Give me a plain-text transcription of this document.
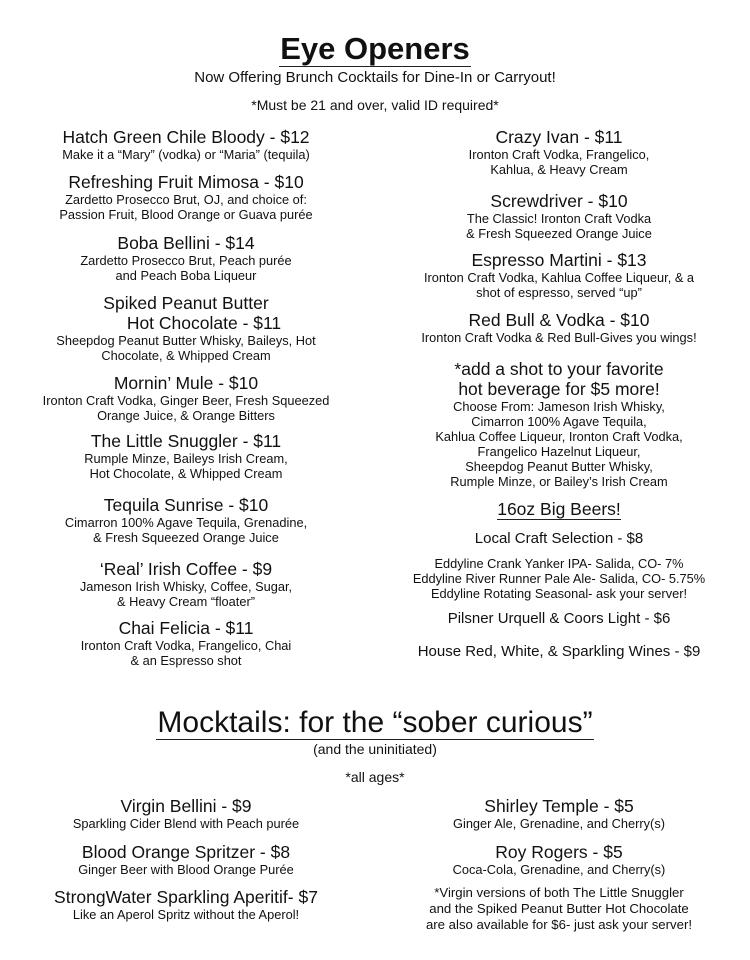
Eye Openers
Now Offering Brunch Cocktails for Dine-In or Carryout!
*Must be 21 and over, valid ID required*
Hatch Green Chile Bloody - $12
Make it a “Mary” (vodka) or “Maria” (tequila)
Refreshing Fruit Mimosa - $10
Zardetto Prosecco Brut, OJ, and choice of:
Passion Fruit, Blood Orange or Guava purée
Boba Bellini - $14
Zardetto Prosecco Brut, Peach purée
and Peach Boba Liqueur
Spiked Peanut Butter
Hot Chocolate - $11
Sheepdog Peanut Butter Whisky, Baileys, Hot
Chocolate, & Whipped Cream
Mornin’ Mule - $10
Ironton Craft Vodka, Ginger Beer, Fresh Squeezed
Orange Juice, & Orange Bitters
The Little Snuggler - $11
Rumple Minze, Baileys Irish Cream,
Hot Chocolate, & Whipped Cream
Tequila Sunrise - $10
Cimarron 100% Agave Tequila, Grenadine,
& Fresh Squeezed Orange Juice
‘Real’ Irish Coffee - $9
Jameson Irish Whisky, Coffee, Sugar,
& Heavy Cream “floater”
Chai Felicia - $11
Ironton Craft Vodka, Frangelico, Chai
& an Espresso shot
Crazy Ivan - $11
Ironton Craft Vodka, Frangelico,
Kahlua, & Heavy Cream
Screwdriver - $10
The Classic! Ironton Craft Vodka
& Fresh Squeezed Orange Juice
Espresso Martini - $13
Ironton Craft Vodka, Kahlua Coffee Liqueur, & a
shot of espresso, served “up”
Red Bull & Vodka - $10
Ironton Craft Vodka & Red Bull-Gives you wings!
*add a shot to your favorite
hot beverage for $5 more!
Choose From: Jameson Irish Whisky,
Cimarron 100% Agave Tequila,
Kahlua Coffee Liqueur, Ironton Craft Vodka,
Frangelico Hazelnut Liqueur,
Sheepdog Peanut Butter Whisky,
Rumple Minze, or Bailey’s Irish Cream
16oz Big Beers!
Local Craft Selection - $8
Eddyline Crank Yanker IPA- Salida, CO- 7%
Eddyline River Runner Pale Ale- Salida, CO- 5.75%
Eddyline Rotating Seasonal- ask your server!
Pilsner Urquell & Coors Light - $6
House Red, White, & Sparkling Wines - $9
Mocktails: for the “sober curious”
(and the uninitiated)
*all ages*
Virgin Bellini - $9
Sparkling Cider Blend with Peach purée
Blood Orange Spritzer - $8
Ginger Beer with Blood Orange Purée
StrongWater Sparkling Aperitif- $7
Like an Aperol Spritz without the Aperol!
Shirley Temple - $5
Ginger Ale, Grenadine, and Cherry(s)
Roy Rogers - $5
Coca-Cola, Grenadine, and Cherry(s)
*Virgin versions of both The Little Snuggler
and the Spiked Peanut Butter Hot Chocolate
are also available for $6- just ask your server!
